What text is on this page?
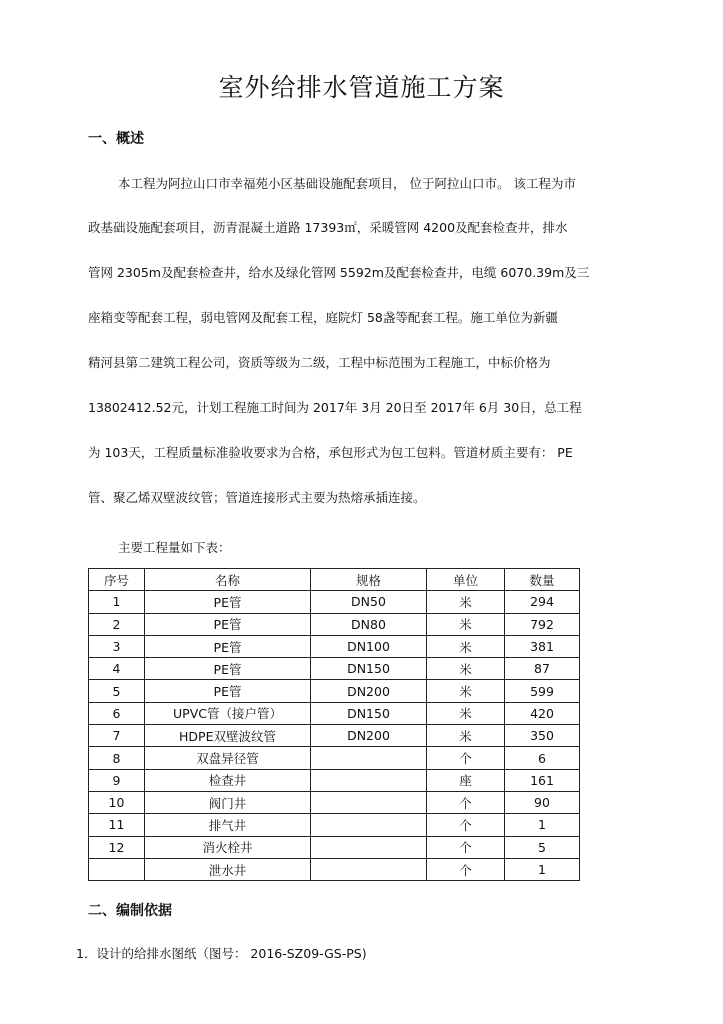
室外给排水管道施工方案
一、概述
本工程为阿拉山口市幸福苑小区基础设施配套项目， 位于阿拉山口市。 该工程为市
政基础设施配套项目，沥青混凝土道路 17393㎡，采暖管网 4200及配套检查井，排水
管网 2305m及配套检查井，给水及绿化管网 5592m及配套检查井，电缆 6070.39m及三
座箱变等配套工程，弱电管网及配套工程，庭院灯 58盏等配套工程。施工单位为新疆
精河县第二建筑工程公司，资质等级为二级，工程中标范围为工程施工，中标价格为
13802412.52元，计划工程施工时间为 2017年 3月 20日至 2017年 6月 30日，总工程
为 103天，工程质量标准验收要求为合格，承包形式为包工包料。管道材质主要有： PE
管、聚乙烯双壁波纹管；管道连接形式主要为热熔承插连接。
主要工程量如下表：
序号	名称	规格	单位	数量
1	PE管	DN50	米	294
2	PE管	DN80	米	792
3	PE管	DN100	米	381
4	PE管	DN150	米	87
5	PE管	DN200	米	599
6	UPVC管（接户管）	DN150	米	420
7	HDPE双壁波纹管	DN200	米	350
8	双盘异径管		个	6
9	检查井		座	161
10	阀门井		个	90
11	排气井		个	1
12	消火栓井		个	5
	泄水井		个	1
二、编制依据
1．设计的给排水图纸（图号： 2016-SZ09-GS-PS)
